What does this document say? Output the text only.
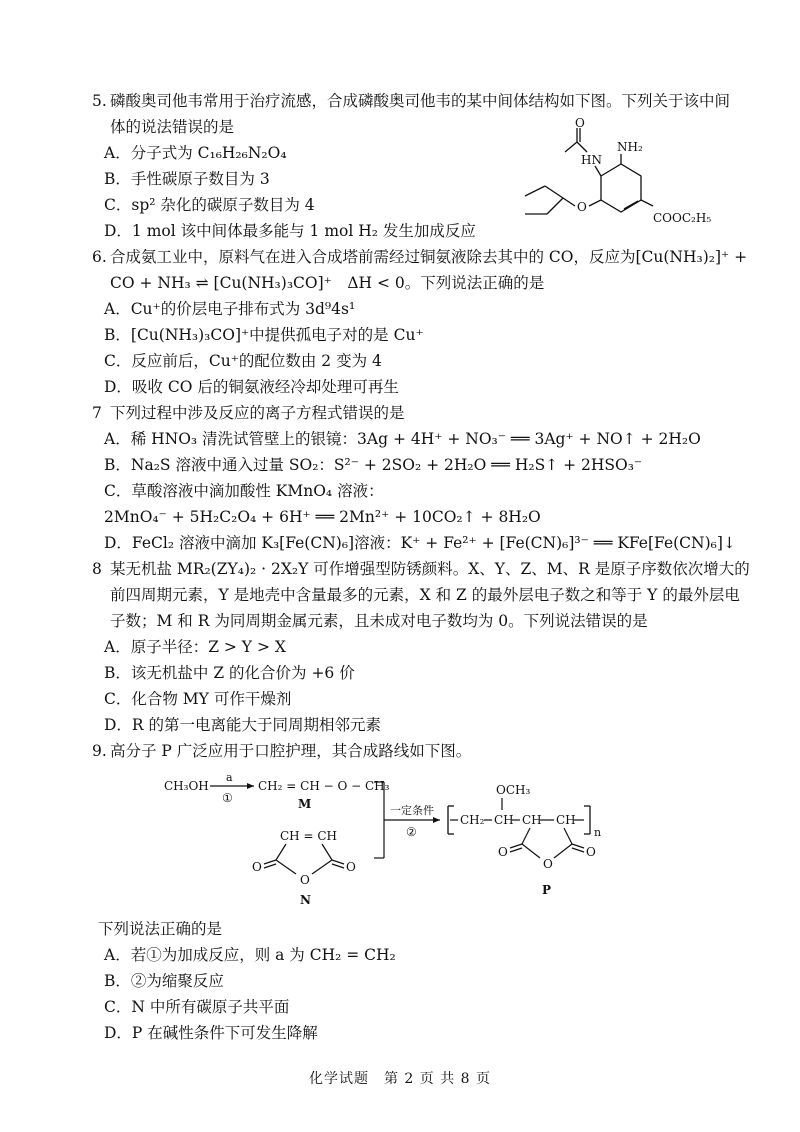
5. 磷酸奥司他韦常用于治疗流感，合成磷酸奥司他韦的某中间体结构如下图。下列关于该中间
体的说法错误的是
A．分子式为 C₁₆H₂₆N₂O₄
B．手性碳原子数目为 3
C．sp² 杂化的碳原子数目为 4
D．1 mol 该中间体最多能与 1 mol H₂ 发生加成反应
O
HN
NH₂
O
COOC₂H₅
6. 合成氨工业中，原料气在进入合成塔前需经过铜氨液除去其中的 CO，反应为[Cu(NH₃)₂]⁺ +
CO + NH₃ ⇌ [Cu(NH₃)₃CO]⁺　ΔH < 0。下列说法正确的是
A．Cu⁺的价层电子排布式为 3d⁹4s¹
B．[Cu(NH₃)₃CO]⁺中提供孤电子对的是 Cu⁺
C．反应前后，Cu⁺的配位数由 2 变为 4
D．吸收 CO 后的铜氨液经冷却处理可再生
7 下列过程中涉及反应的离子方程式错误的是
A．稀 HNO₃ 清洗试管壁上的银镜：3Ag + 4H⁺ + NO₃⁻ ══ 3Ag⁺ + NO↑ + 2H₂O
B．Na₂S 溶液中通入过量 SO₂：S²⁻ + 2SO₂ + 2H₂O ══ H₂S↑ + 2HSO₃⁻
C．草酸溶液中滴加酸性 KMnO₄ 溶液：
2MnO₄⁻ + 5H₂C₂O₄ + 6H⁺ ══ 2Mn²⁺ + 10CO₂↑ + 8H₂O
D．FeCl₂ 溶液中滴加 K₃[Fe(CN)₆]溶液：K⁺ + Fe²⁺ + [Fe(CN)₆]³⁻ ══ KFe[Fe(CN)₆]↓
8 某无机盐 MR₂(ZY₄)₂ · 2X₂Y 可作增强型防锈颜料。X、Y、Z、M、R 是原子序数依次增大的
前四周期元素，Y 是地壳中含量最多的元素，X 和 Z 的最外层电子数之和等于 Y 的最外层电
子数；M 和 R 为同周期金属元素，且未成对电子数均为 0。下列说法错误的是
A．原子半径：Z > Y > X
B．该无机盐中 Z 的化合价为 +6 价
C．化合物 MY 可作干燥剂
D．R 的第一电离能大于同周期相邻元素
9. 高分子 P 广泛应用于口腔护理，其合成路线如下图。
CH₃OH
a
①
CH₂ = CH − O − CH₃
M
CH = CH
O	O
O
N
一定条件
②
CH₂ CH
OCH₃
CH CH
O	O
O
n
P
下列说法正确的是
A．若①为加成反应，则 a 为 CH₂ = CH₂
B．②为缩聚反应
C．N 中所有碳原子共平面
D．P 在碱性条件下可发生降解
化学试题　第 2 页 共 8 页
